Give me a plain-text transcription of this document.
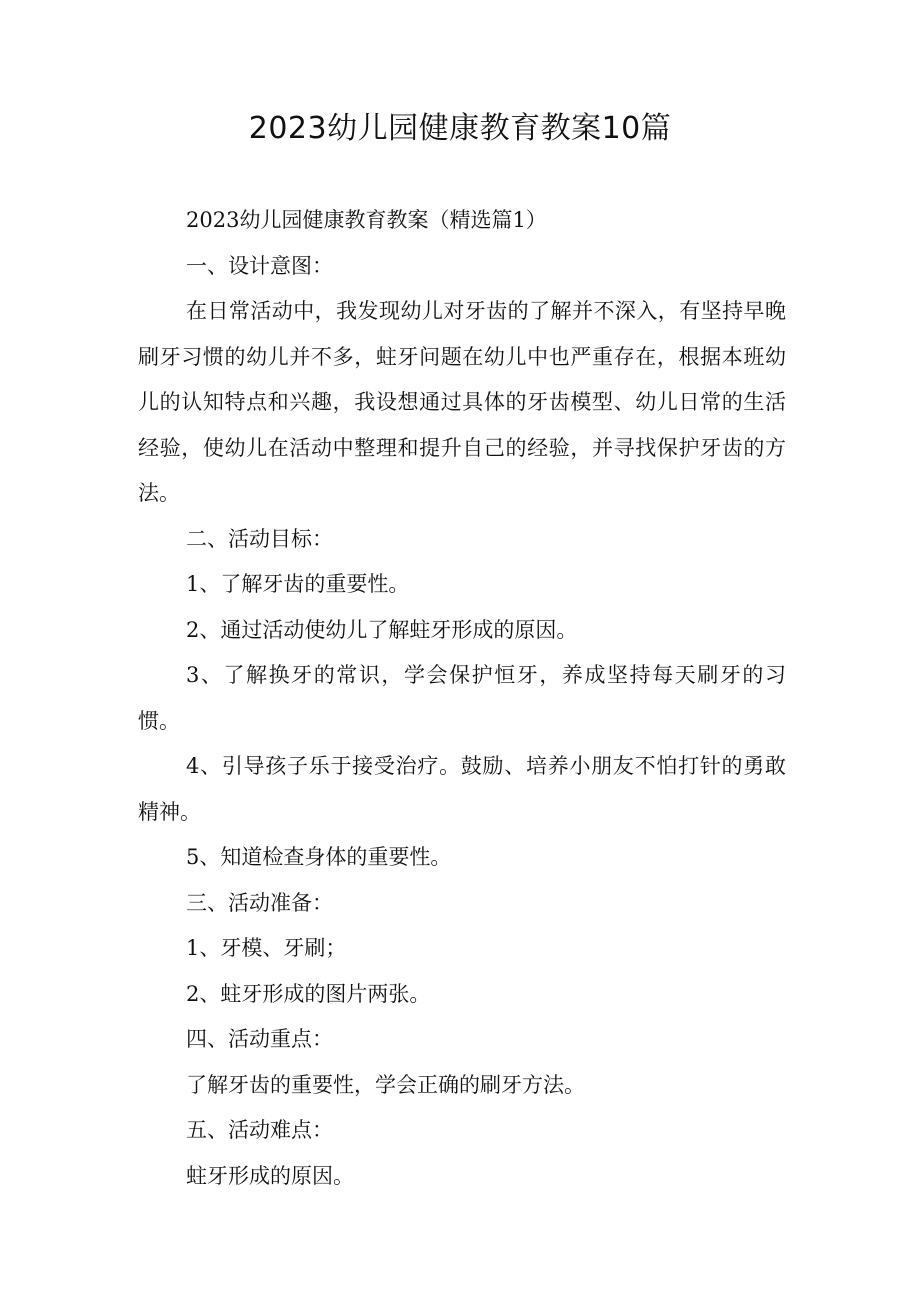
2023幼儿园健康教育教案10篇

2023幼儿园健康教育教案（精选篇1）

一、设计意图：

在日常活动中，我发现幼儿对牙齿的了解并不深入，有坚持早晚刷牙习惯的幼儿并不多，蛀牙问题在幼儿中也严重存在，根据本班幼儿的认知特点和兴趣，我设想通过具体的牙齿模型、幼儿日常的生活经验，使幼儿在活动中整理和提升自己的经验，并寻找保护牙齿的方法。

二、活动目标：

1、了解牙齿的重要性。

2、通过活动使幼儿了解蛀牙形成的原因。

3、了解换牙的常识，学会保护恒牙，养成坚持每天刷牙的习惯。

4、引导孩子乐于接受治疗。鼓励、培养小朋友不怕打针的勇敢精神。

5、知道检查身体的重要性。

三、活动准备：

1、牙模、牙刷；

2、蛀牙形成的图片两张。

四、活动重点：

了解牙齿的重要性，学会正确的刷牙方法。

五、活动难点：

蛀牙形成的原因。
